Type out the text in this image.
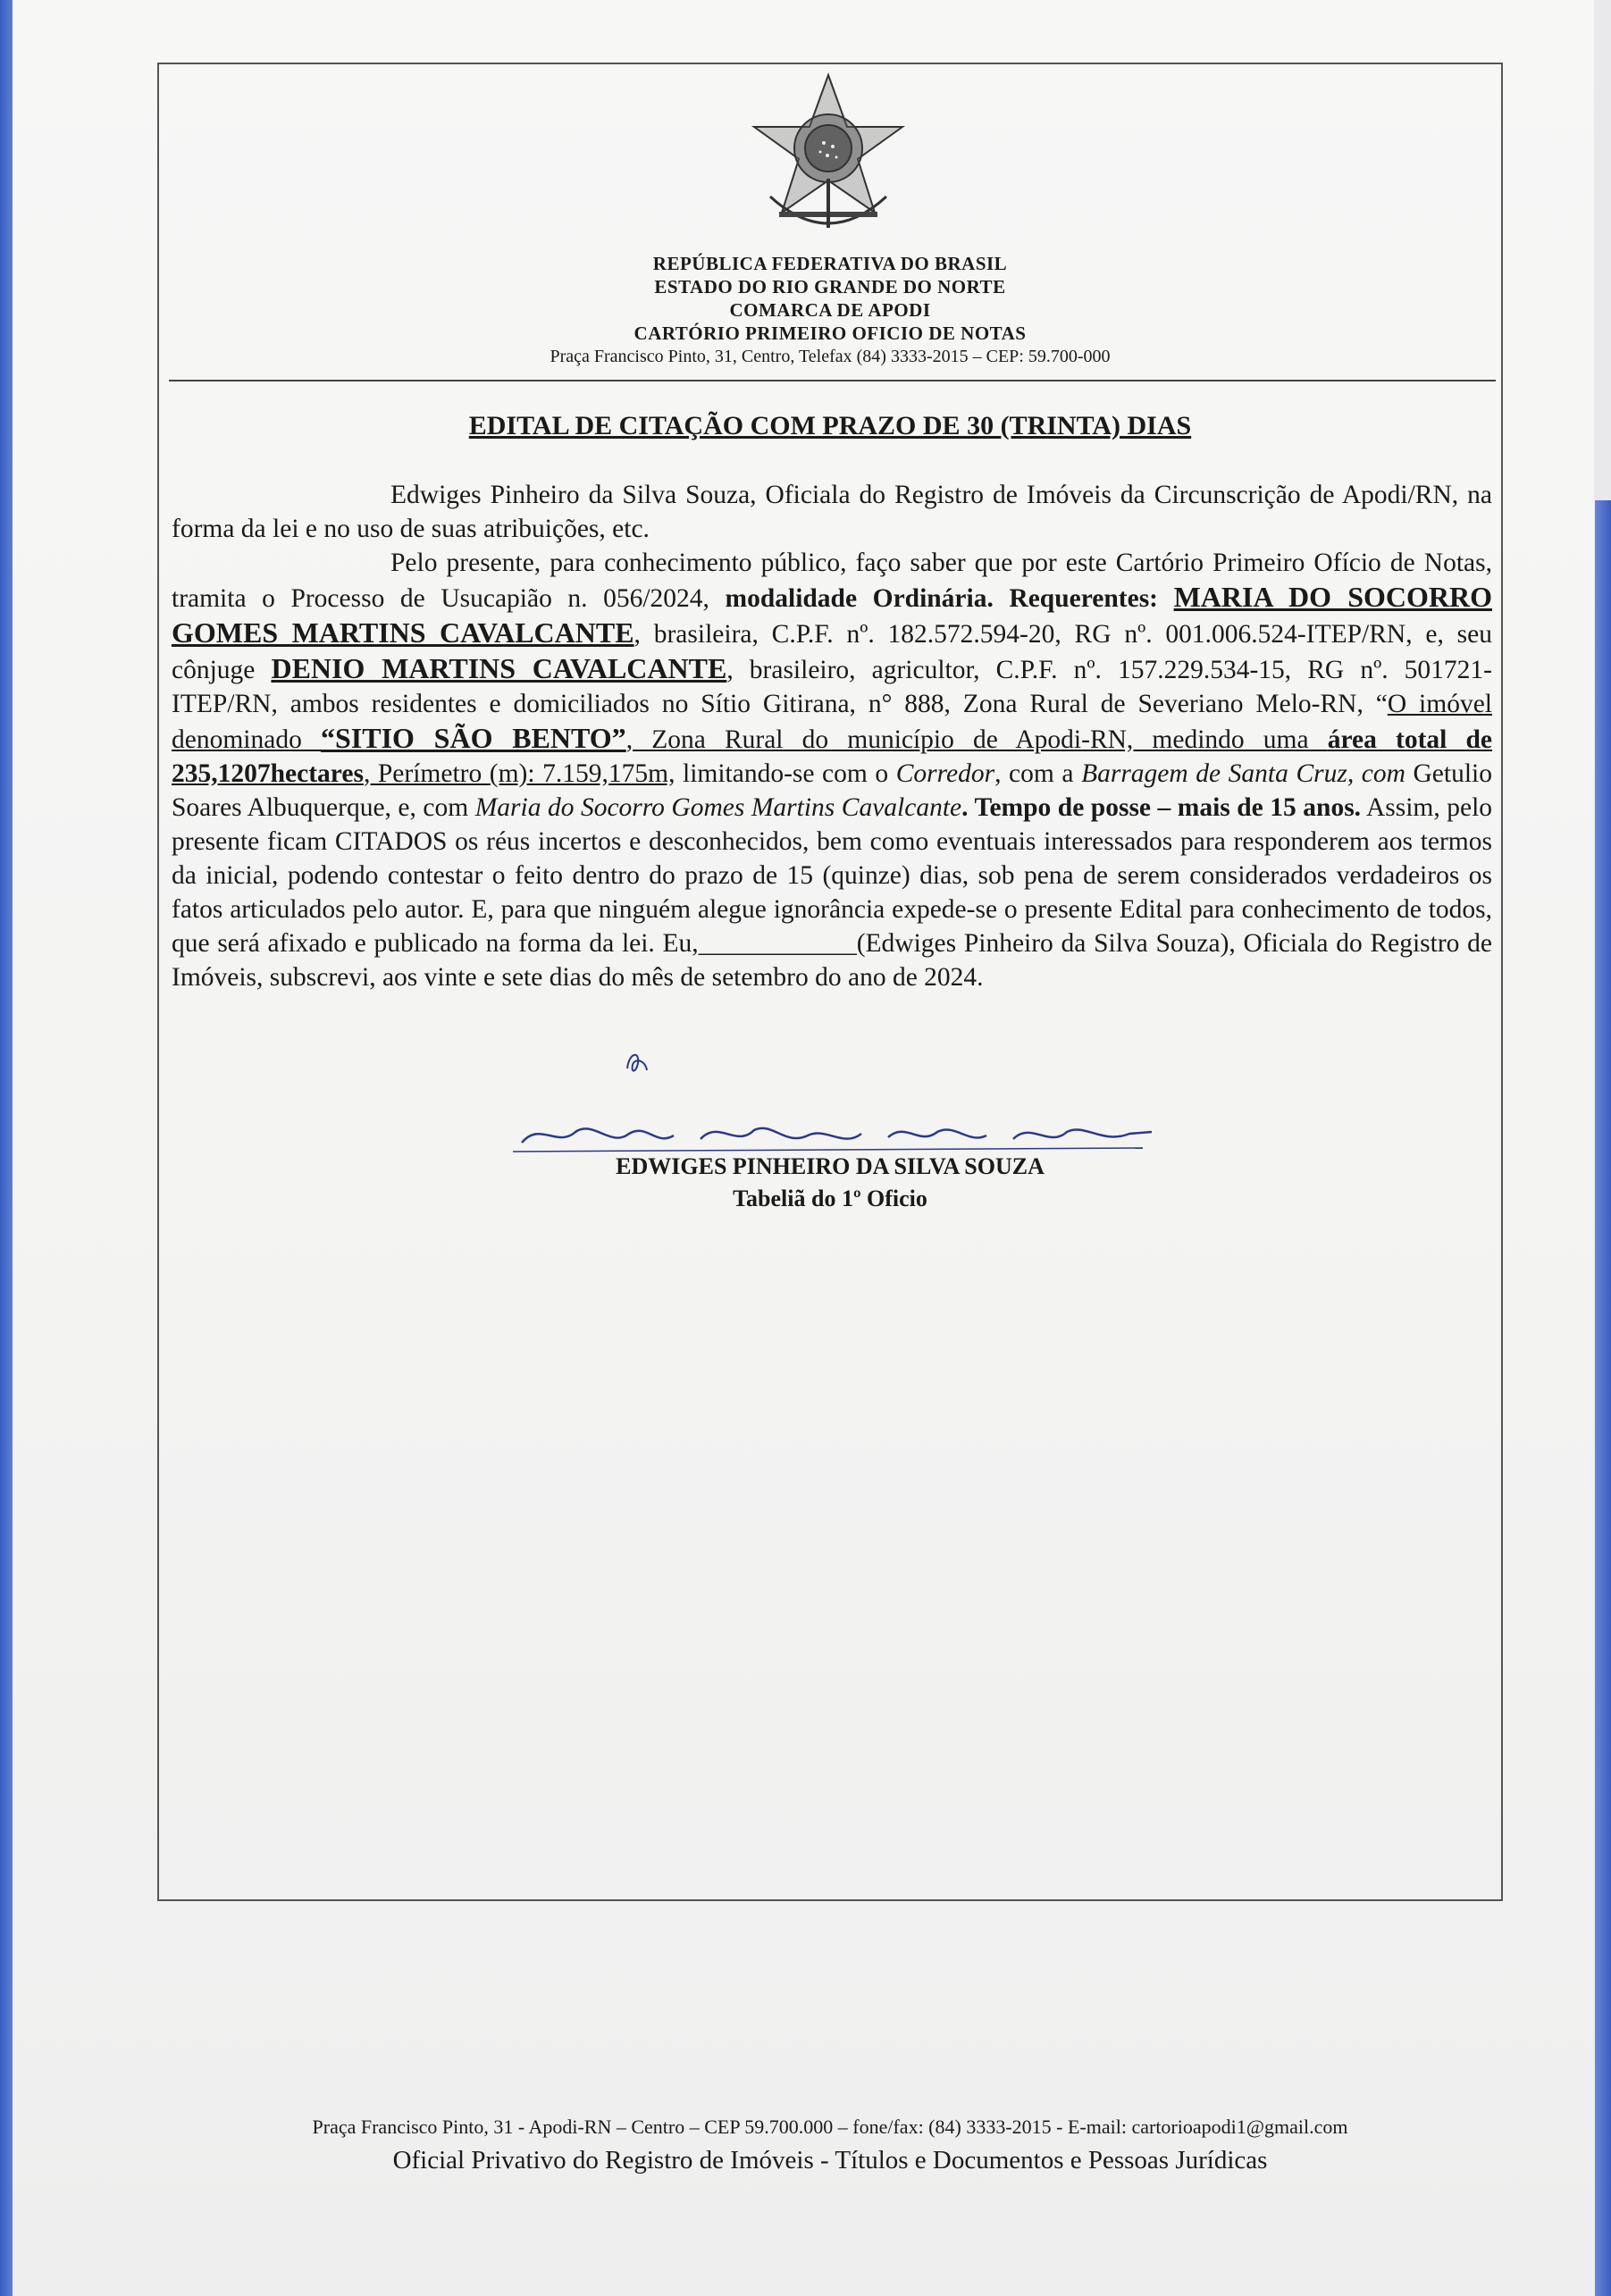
REPÚBLICA FEDERATIVA DO BRASIL
ESTADO DO RIO GRANDE DO NORTE
COMARCA DE APODI
CARTÓRIO PRIMEIRO OFICIO DE NOTAS
Praça Francisco Pinto, 31, Centro, Telefax (84) 3333-2015 – CEP: 59.700-000
EDITAL DE CITAÇÃO COM PRAZO DE 30 (TRINTA) DIAS

Edwiges Pinheiro da Silva Souza, Oficiala do Registro de Imóveis da Circunscrição de Apodi/RN, na forma da lei e no uso de suas atribuições, etc.

Pelo presente, para conhecimento público, faço saber que por este Cartório Primeiro Ofício de Notas, tramita o Processo de Usucapião n. 056/2024, modalidade Ordinária. Requerentes: MARIA DO SOCORRO GOMES MARTINS CAVALCANTE, brasileira, C.P.F. nº. 182.572.594-20, RG nº. 001.006.524-ITEP/RN, e, seu cônjuge DENIO MARTINS CAVALCANTE, brasileiro, agricultor, C.P.F. nº. 157.229.534-15, RG nº. 501721-ITEP/RN, ambos residentes e domiciliados no Sítio Gitirana, n° 888, Zona Rural de Severiano Melo-RN, “O imóvel denominado “SITIO SÃO BENTO”, Zona Rural do município de Apodi-RN, medindo uma área total de 235,1207hectares, Perímetro (m): 7.159,175m, limitando-se com o Corredor, com a Barragem de Santa Cruz, com Getulio Soares Albuquerque, e, com Maria do Socorro Gomes Martins Cavalcante. Tempo de posse – mais de 15 anos. Assim, pelo presente ficam CITADOS os réus incertos e desconhecidos, bem como eventuais interessados para responderem aos termos da inicial, podendo contestar o feito dentro do prazo de 15 (quinze) dias, sob pena de serem considerados verdadeiros os fatos articulados pelo autor. E, para que ninguém alegue ignorância expede-se o presente Edital para conhecimento de todos, que será afixado e publicado na forma da lei. Eu,____________(Edwiges Pinheiro da Silva Souza), Oficiala do Registro de Imóveis, subscrevi, aos vinte e sete dias do mês de setembro do ano de 2024.

EDWIGES PINHEIRO DA SILVA SOUZA
Tabeliã do 1º Oficio
Praça Francisco Pinto, 31 - Apodi-RN – Centro – CEP 59.700.000 – fone/fax: (84) 3333-2015 - E-mail: cartorioapodi1@gmail.com
Oficial Privativo do Registro de Imóveis - Títulos e Documentos e Pessoas Jurídicas
